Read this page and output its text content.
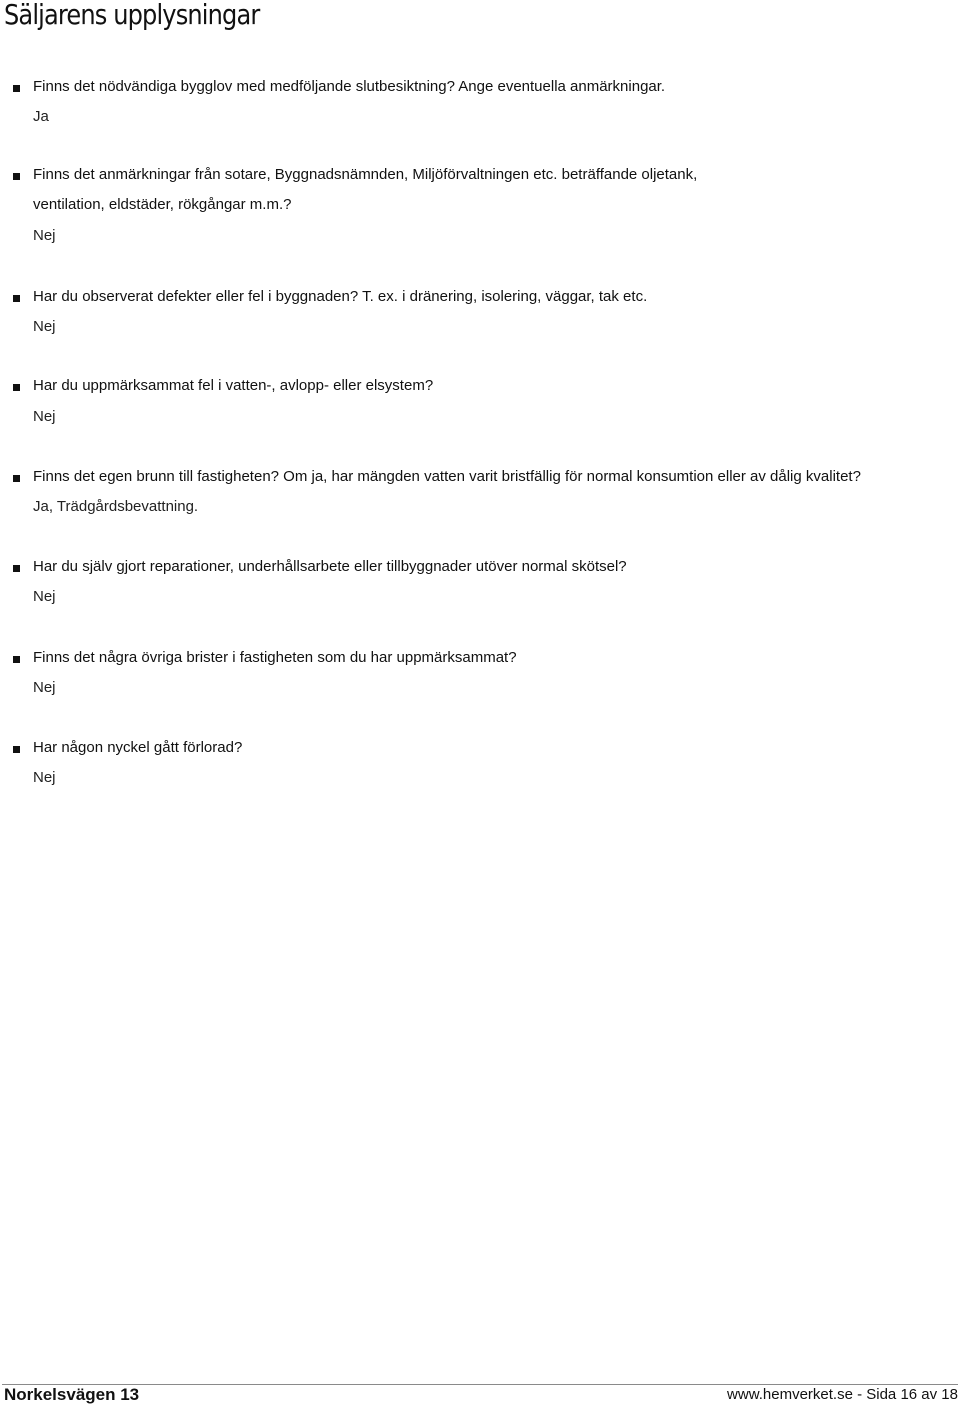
Säljarens upplysningar
Finns det nödvändiga bygglov med medföljande slutbesiktning? Ange eventuella anmärkningar.
Ja
Finns det anmärkningar från sotare, Byggnadsnämnden, Miljöförvaltningen etc. beträffande oljetank, ventilation, eldstäder, rökgångar m.m.?
Nej
Har du observerat defekter eller fel i byggnaden? T. ex. i dränering, isolering, väggar, tak etc.
Nej
Har du uppmärksammat fel i vatten-, avlopp- eller elsystem?
Nej
Finns det egen brunn till fastigheten? Om ja, har mängden vatten varit bristfällig för normal konsumtion eller av dålig kvalitet?
Ja, Trädgårdsbevattning.
Har du själv gjort reparationer, underhållsarbete eller tillbyggnader utöver normal skötsel?
Nej
Finns det några övriga brister i fastigheten som du har uppmärksammat?
Nej
Har någon nyckel gått förlorad?
Nej
Norkelsvägen 13	www.hemverket.se - Sida 16 av 18
